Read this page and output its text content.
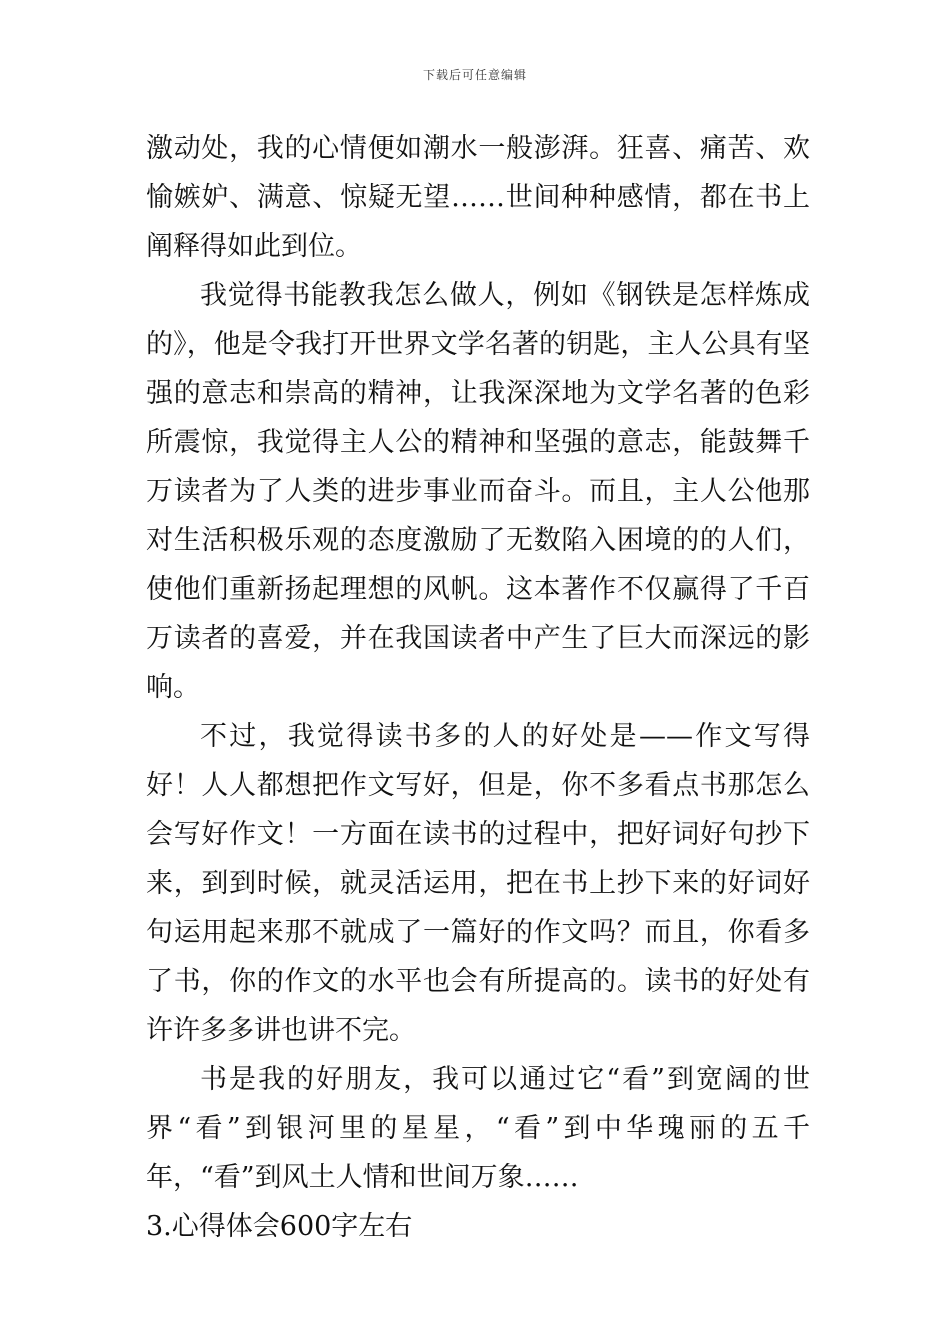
下载后可任意编辑

激动处，我的心情便如潮水一般澎湃。狂喜、痛苦、欢愉嫉妒、满意、惊疑无望……世间种种感情，都在书上阐释得如此到位。

我觉得书能教我怎么做人，例如《钢铁是怎样炼成的》，他是令我打开世界文学名著的钥匙，主人公具有坚强的意志和崇高的精神，让我深深地为文学名著的色彩所震惊，我觉得主人公的精神和坚强的意志，能鼓舞千万读者为了人类的进步事业而奋斗。而且，主人公他那对生活积极乐观的态度激励了无数陷入困境的的人们，使他们重新扬起理想的风帆。这本著作不仅赢得了千百万读者的喜爱，并在我国读者中产生了巨大而深远的影响。

不过，我觉得读书多的人的好处是——作文写得好！人人都想把作文写好，但是，你不多看点书那怎么会写好作文！一方面在读书的过程中，把好词好句抄下来，到到时候，就灵活运用，把在书上抄下来的好词好句运用起来那不就成了一篇好的作文吗？而且，你看多了书，你的作文的水平也会有所提高的。读书的好处有许许多多讲也讲不完。

书是我的好朋友，我可以通过它“看”到宽阔的世界“看”到银河里的星星，“看”到中华瑰丽的五千年，“看”到风土人情和世间万象……

3.心得体会600字左右
